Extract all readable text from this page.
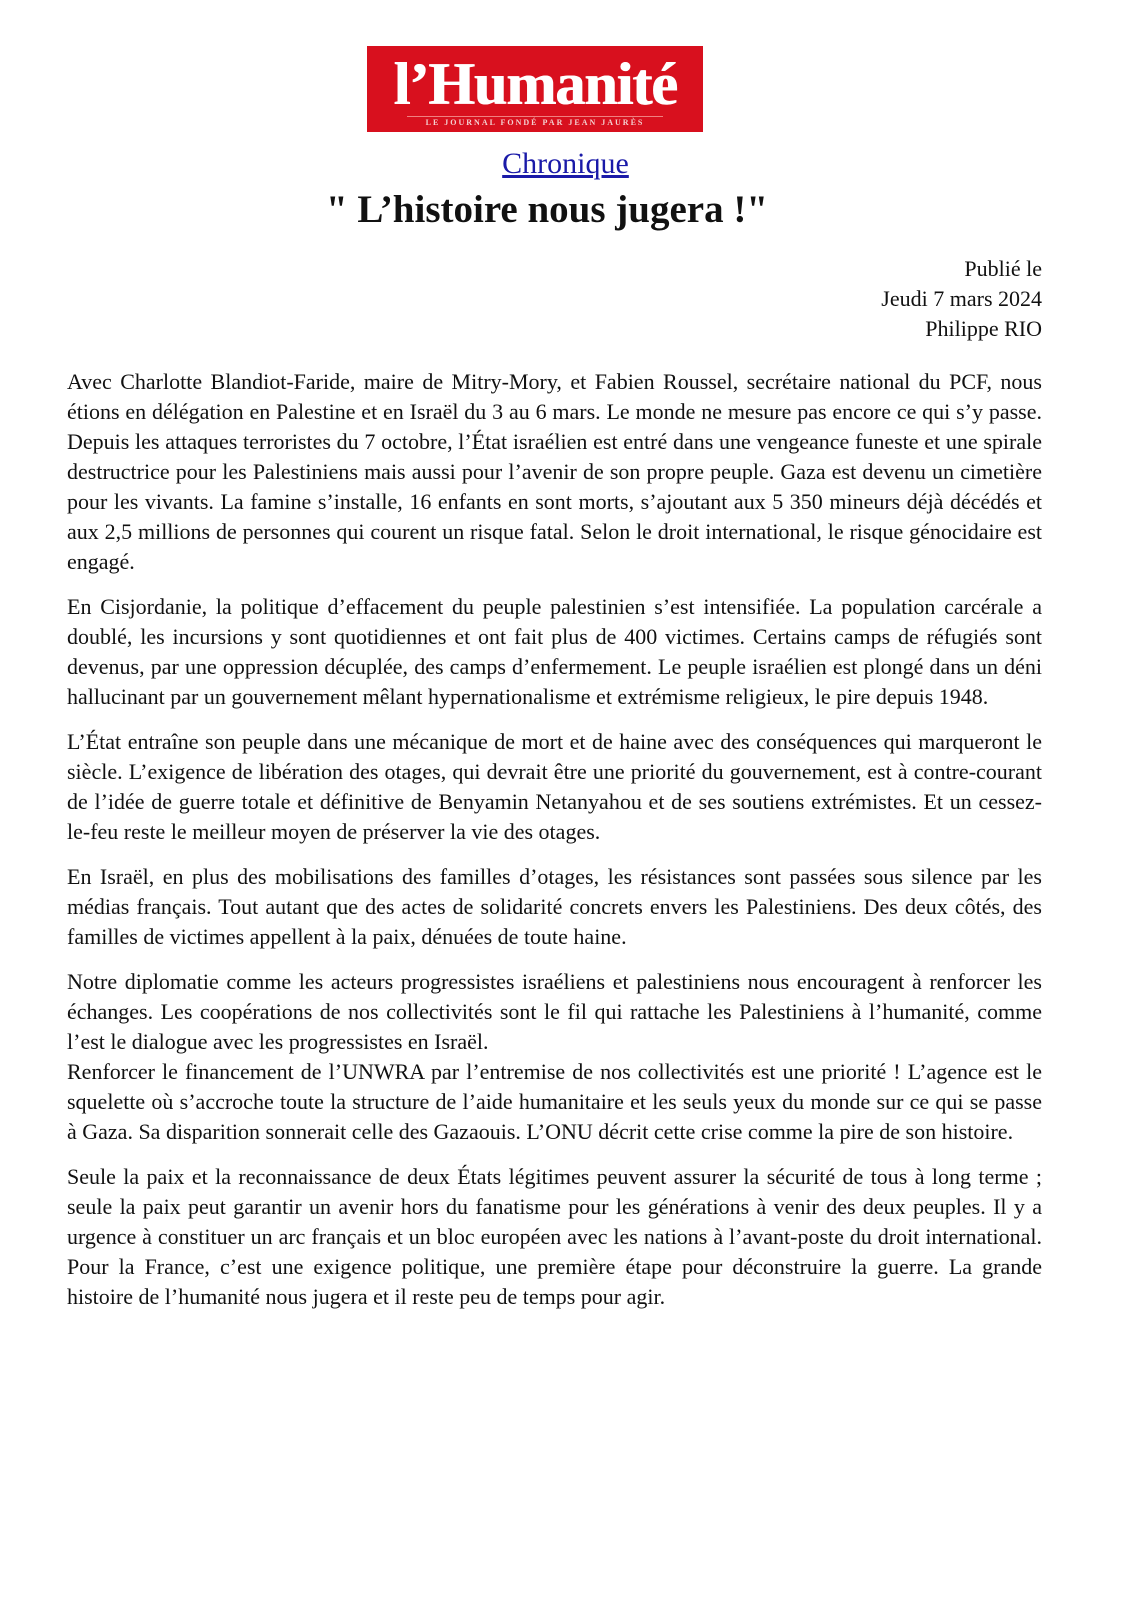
l’Humanité
LE JOURNAL FONDÉ PAR JEAN JAURÈS
Chronique
" L’histoire nous jugera !"
Publié le
Jeudi 7 mars 2024
Philippe RIO

Avec Charlotte Blandiot-Faride, maire de Mitry-Mory, et Fabien Roussel, secrétaire national du PCF, nous étions en délégation en Palestine et en Israël du 3 au 6 mars. Le monde ne mesure pas encore ce qui s’y passe. Depuis les attaques terroristes du 7 octobre, l’État israélien est entré dans une vengeance funeste et une spirale destructrice pour les Palestiniens mais aussi pour l’avenir de son propre peuple. Gaza est devenu un cimetière pour les vivants. La famine s’installe, 16 enfants en sont morts, s’ajoutant aux 5 350 mineurs déjà décédés et aux 2,5 millions de personnes qui courent un risque fatal. Selon le droit international, le risque génocidaire est engagé.

En Cisjordanie, la politique d’effacement du peuple palestinien s’est intensifiée. La population carcérale a doublé, les incursions y sont quotidiennes et ont fait plus de 400 victimes. Certains camps de réfugiés sont devenus, par une oppression décuplée, des camps d’enfermement. Le peuple israélien est plongé dans un déni hallucinant par un gouvernement mêlant hypernationalisme et extrémisme religieux, le pire depuis 1948.

L’État entraîne son peuple dans une mécanique de mort et de haine avec des conséquences qui marqueront le siècle. L’exigence de libération des otages, qui devrait être une priorité du gouvernement, est à contre-courant de l’idée de guerre totale et définitive de Benyamin Netanyahou et de ses soutiens extrémistes. Et un cessez-le-feu reste le meilleur moyen de préserver la vie des otages.

En Israël, en plus des mobilisations des familles d’otages, les résistances sont passées sous silence par les médias français. Tout autant que des actes de solidarité concrets envers les Palestiniens. Des deux côtés, des familles de victimes appellent à la paix, dénuées de toute haine.

Notre diplomatie comme les acteurs progressistes israéliens et palestiniens nous encouragent à renforcer les échanges. Les coopérations de nos collectivités sont le fil qui rattache les Palestiniens à l’humanité, comme l’est le dialogue avec les progressistes en Israël.

Renforcer le financement de l’UNWRA par l’entremise de nos collectivités est une priorité ! L’agence est le squelette où s’accroche toute la structure de l’aide humanitaire et les seuls yeux du monde sur ce qui se passe à Gaza. Sa disparition sonnerait celle des Gazaouis. L’ONU décrit cette crise comme la pire de son histoire.

Seule la paix et la reconnaissance de deux États légitimes peuvent assurer la sécurité de tous à long terme ; seule la paix peut garantir un avenir hors du fanatisme pour les générations à venir des deux peuples. Il y a urgence à constituer un arc français et un bloc européen avec les nations à l’avant-poste du droit international. Pour la France, c’est une exigence politique, une première étape pour déconstruire la guerre. La grande histoire de l’humanité nous jugera et il reste peu de temps pour agir.
